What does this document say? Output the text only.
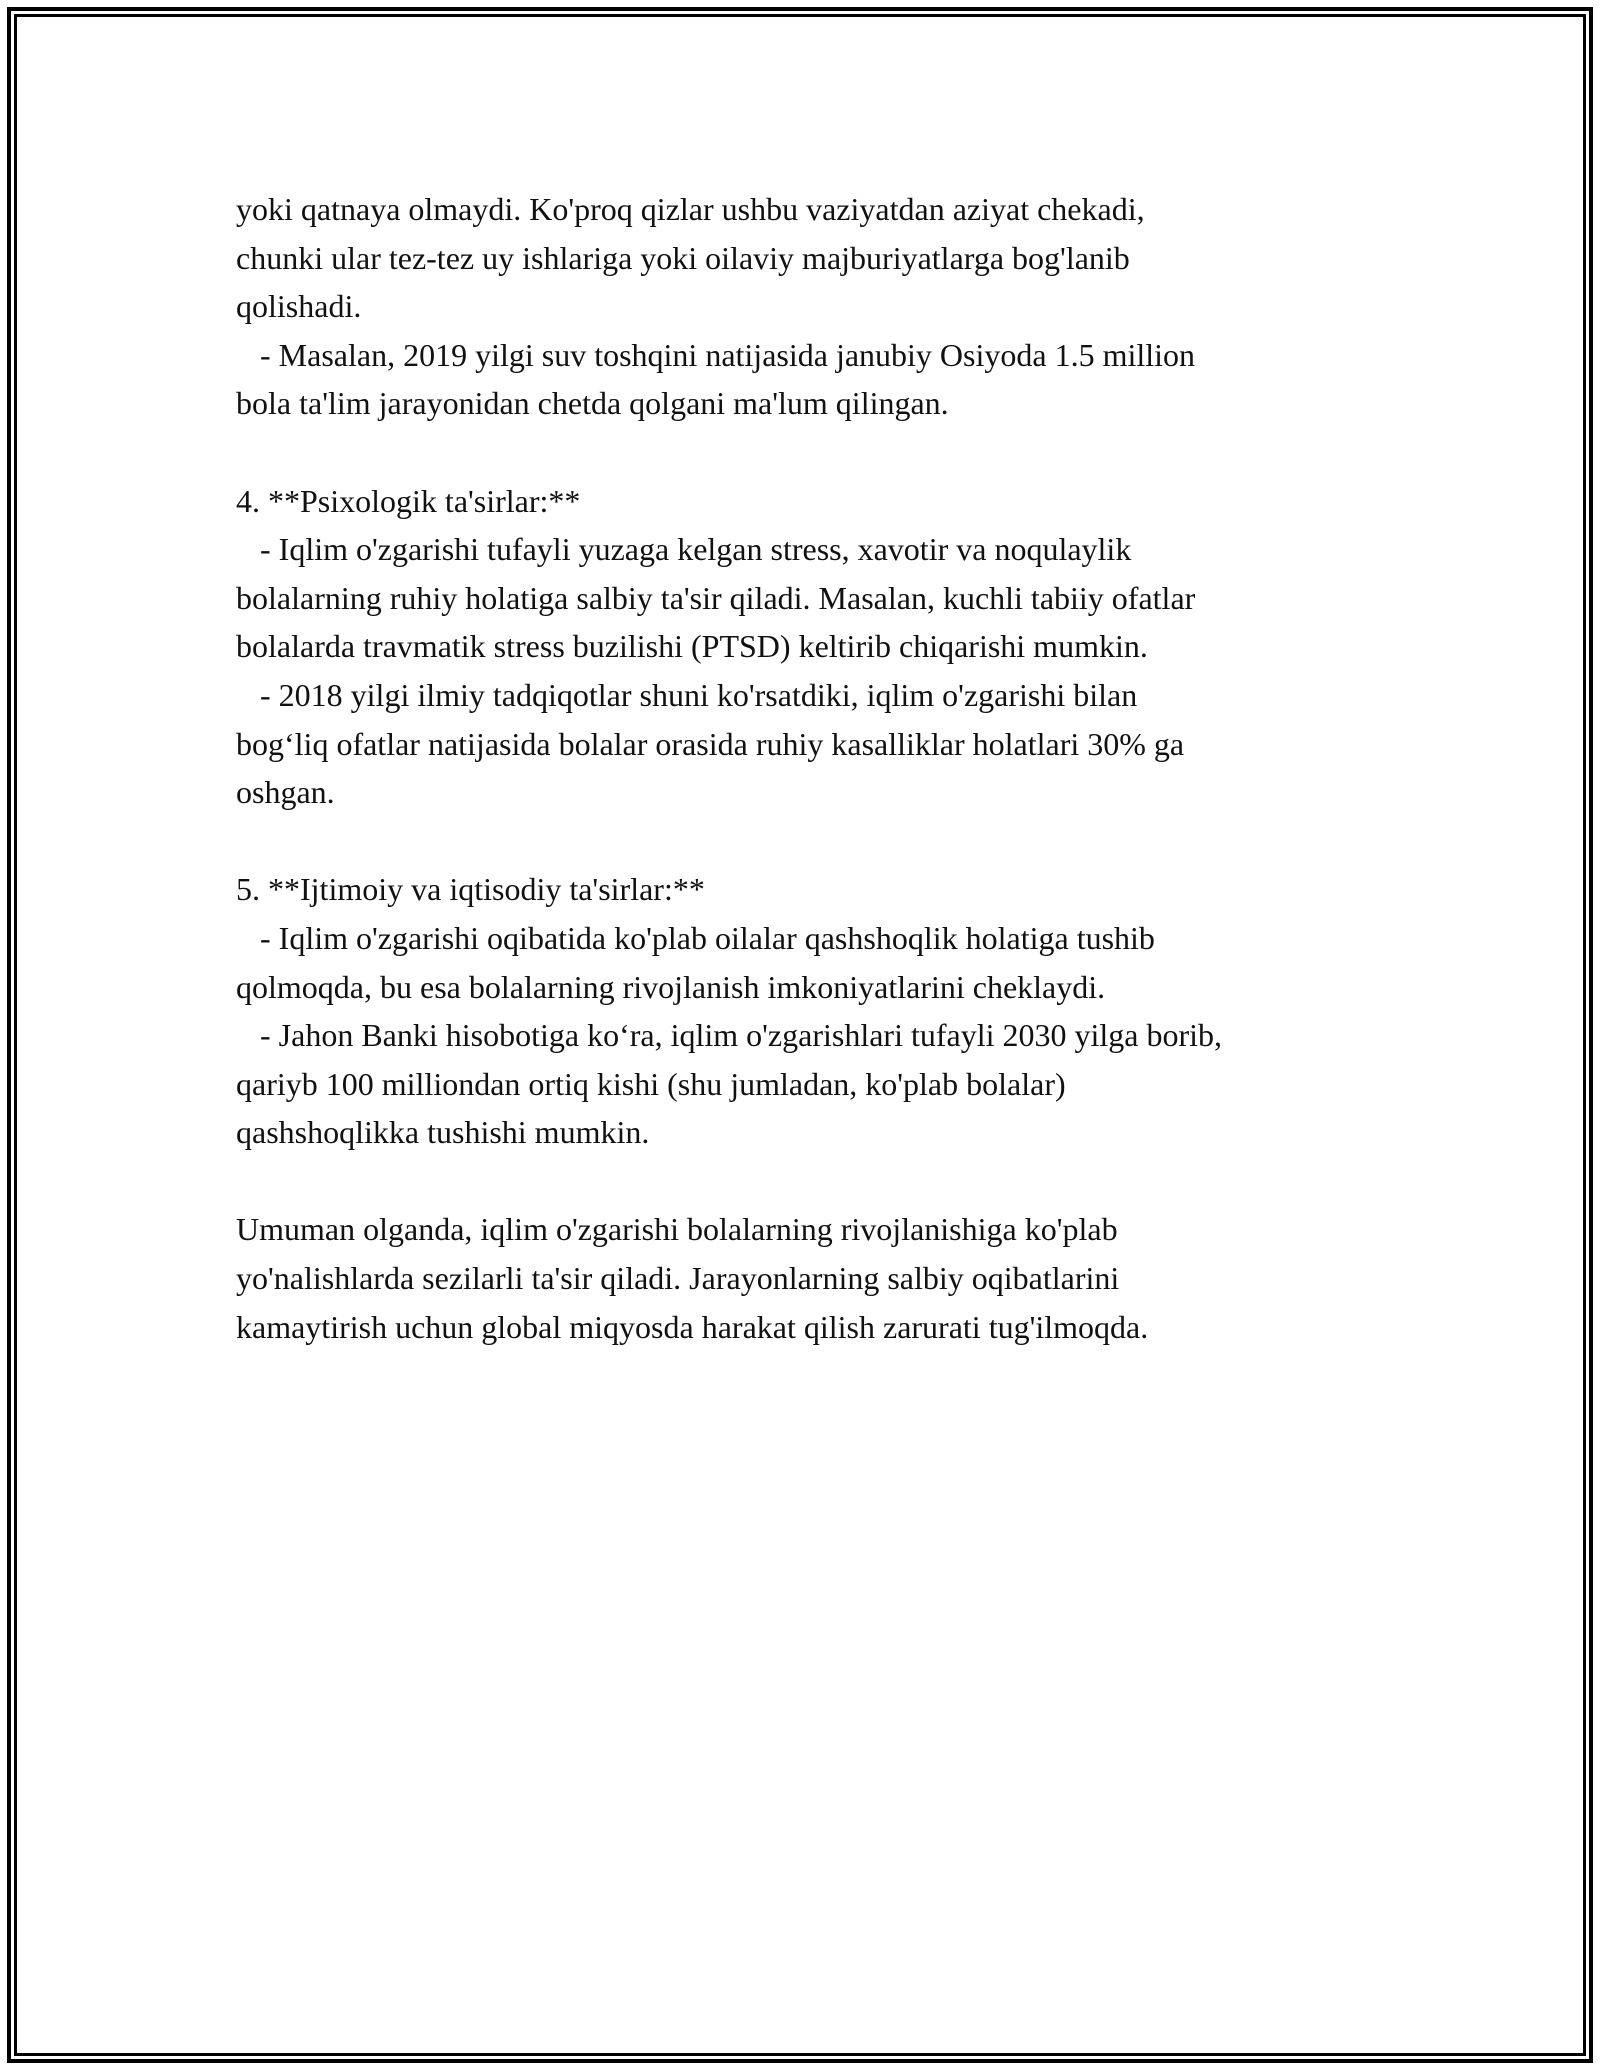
yoki qatnaya olmaydi. Ko'proq qizlar ushbu vaziyatdan aziyat chekadi,
chunki ular tez-tez uy ishlariga yoki oilaviy majburiyatlarga bog'lanib
qolishadi.
- Masalan, 2019 yilgi suv toshqini natijasida janubiy Osiyoda 1.5 million
bola ta'lim jarayonidan chetda qolgani ma'lum qilingan.
4. **Psixologik ta'sirlar:**
- Iqlim o'zgarishi tufayli yuzaga kelgan stress, xavotir va noqulaylik
bolalarning ruhiy holatiga salbiy ta'sir qiladi. Masalan, kuchli tabiiy ofatlar
bolalarda travmatik stress buzilishi (PTSD) keltirib chiqarishi mumkin.
- 2018 yilgi ilmiy tadqiqotlar shuni ko'rsatdiki, iqlim o'zgarishi bilan
bog‘liq ofatlar natijasida bolalar orasida ruhiy kasalliklar holatlari 30% ga
oshgan.
5. **Ijtimoiy va iqtisodiy ta'sirlar:**
- Iqlim o'zgarishi oqibatida ko'plab oilalar qashshoqlik holatiga tushib
qolmoqda, bu esa bolalarning rivojlanish imkoniyatlarini cheklaydi.
- Jahon Banki hisobotiga ko‘ra, iqlim o'zgarishlari tufayli 2030 yilga borib,
qariyb 100 milliondan ortiq kishi (shu jumladan, ko'plab bolalar)
qashshoqlikka tushishi mumkin.
Umuman olganda, iqlim o'zgarishi bolalarning rivojlanishiga ko'plab
yo'nalishlarda sezilarli ta'sir qiladi. Jarayonlarning salbiy oqibatlarini
kamaytirish uchun global miqyosda harakat qilish zarurati tug'ilmoqda.
